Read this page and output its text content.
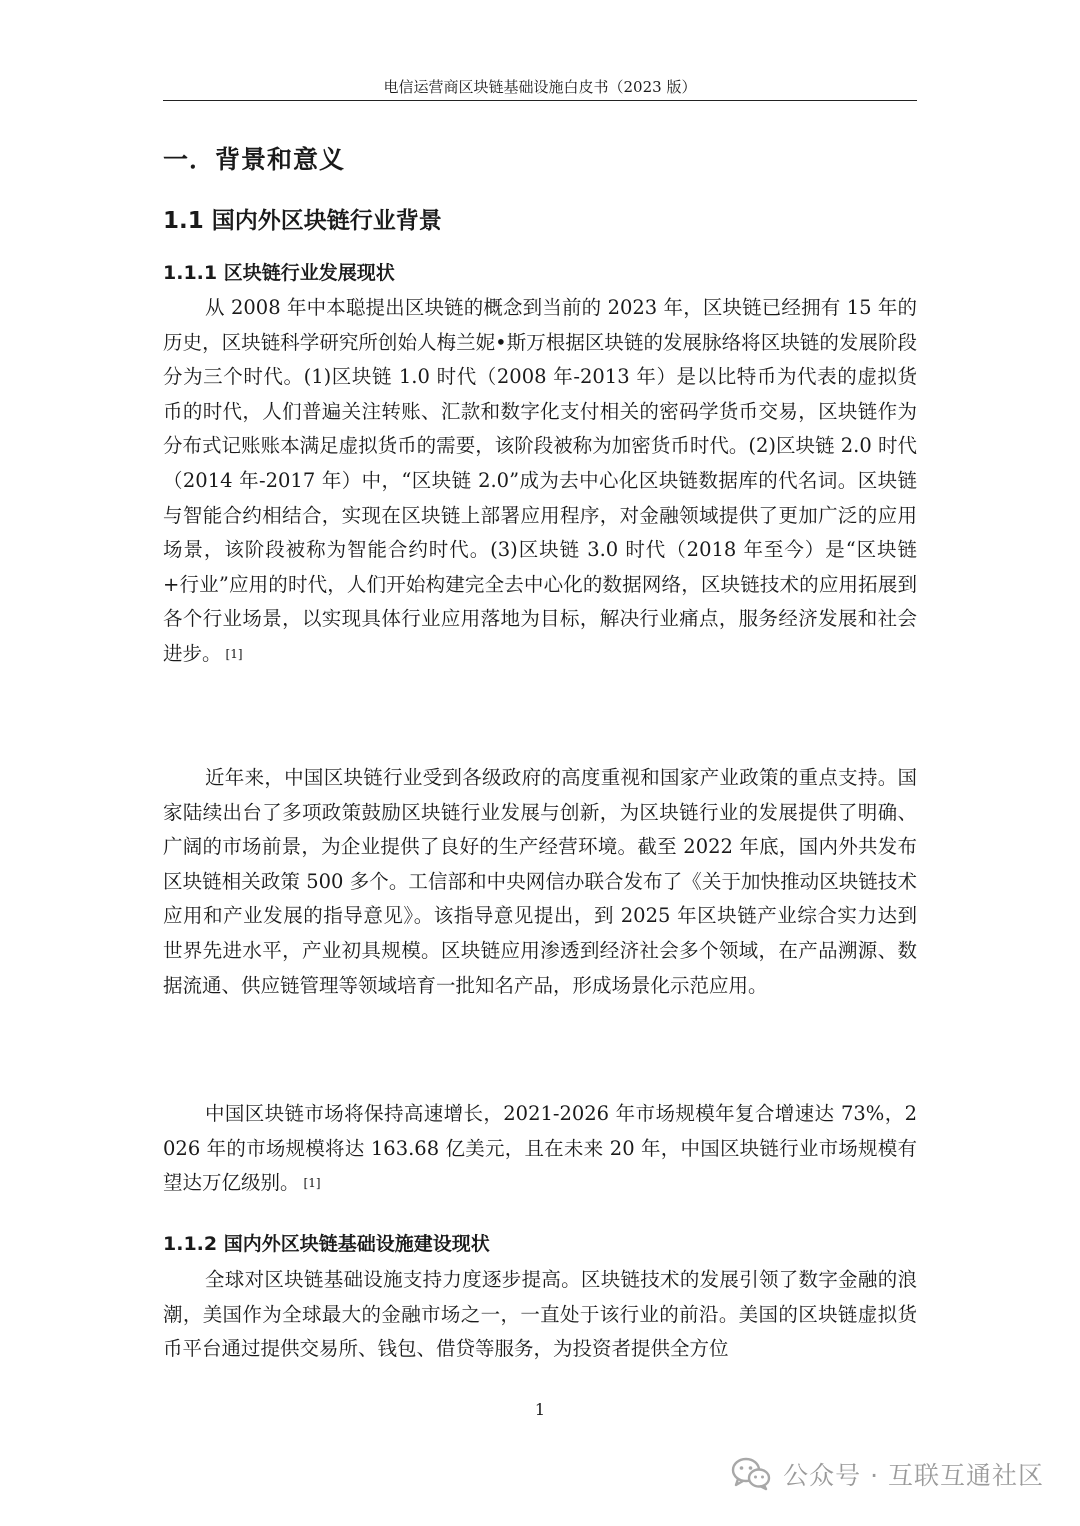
电信运营商区块链基础设施白皮书（2023 版）
一．背景和意义
1.1 国内外区块链行业背景
1.1.1 区块链行业发展现状

从 2008 年中本聪提出区块链的概念到当前的 2023 年，区块链已经拥有 15 年的历史，区块链科学研究所创始人梅兰妮•斯万根据区块链的发展脉络将区块链的发展阶段分为三个时代。(1)区块链 1.0 时代（2008 年-2013 年）是以比特币为代表的虚拟货币的时代，人们普遍关注转账、汇款和数字化支付相关的密码学货币交易，区块链作为分布式记账账本满足虚拟货币的需要，该阶段被称为加密货币时代。(2)区块链 2.0 时代（2014 年-2017 年）中，“区块链 2.0”成为去中心化区块链数据库的代名词。区块链与智能合约相结合，实现在区块链上部署应用程序，对金融领域提供了更加广泛的应用场景，该阶段被称为智能合约时代。(3)区块链 3.0 时代（2018 年至今）是“区块链+行业”应用的时代，人们开始构建完全去中心化的数据网络，区块链技术的应用拓展到各个行业场景，以实现具体行业应用落地为目标，解决行业痛点，服务经济发展和社会进步。 [1]

近年来，中国区块链行业受到各级政府的高度重视和国家产业政策的重点支持。国家陆续出台了多项政策鼓励区块链行业发展与创新，为区块链行业的发展提供了明确、广阔的市场前景，为企业提供了良好的生产经营环境。截至 2022 年底，国内外共发布区块链相关政策 500 多个。工信部和中央网信办联合发布了《关于加快推动区块链技术应用和产业发展的指导意见》。该指导意见提出，到 2025 年区块链产业综合实力达到世界先进水平，产业初具规模。区块链应用渗透到经济社会多个领域，在产品溯源、数据流通、供应链管理等领域培育一批知名产品，形成场景化示范应用。

中国区块链市场将保持高速增长，2021-2026 年市场规模年复合增速达 73%，2026 年的市场规模将达 163.68 亿美元，且在未来 20 年，中国区块链行业市场规模有望达万亿级别。 [1]

1.1.2 国内外区块链基础设施建设现状

全球对区块链基础设施支持力度逐步提高。区块链技术的发展引领了数字金融的浪潮，美国作为全球最大的金融市场之一，一直处于该行业的前沿。美国的区块链虚拟货币平台通过提供交易所、钱包、借贷等服务，为投资者提供全方位

1
公众号 · 互联互通社区
